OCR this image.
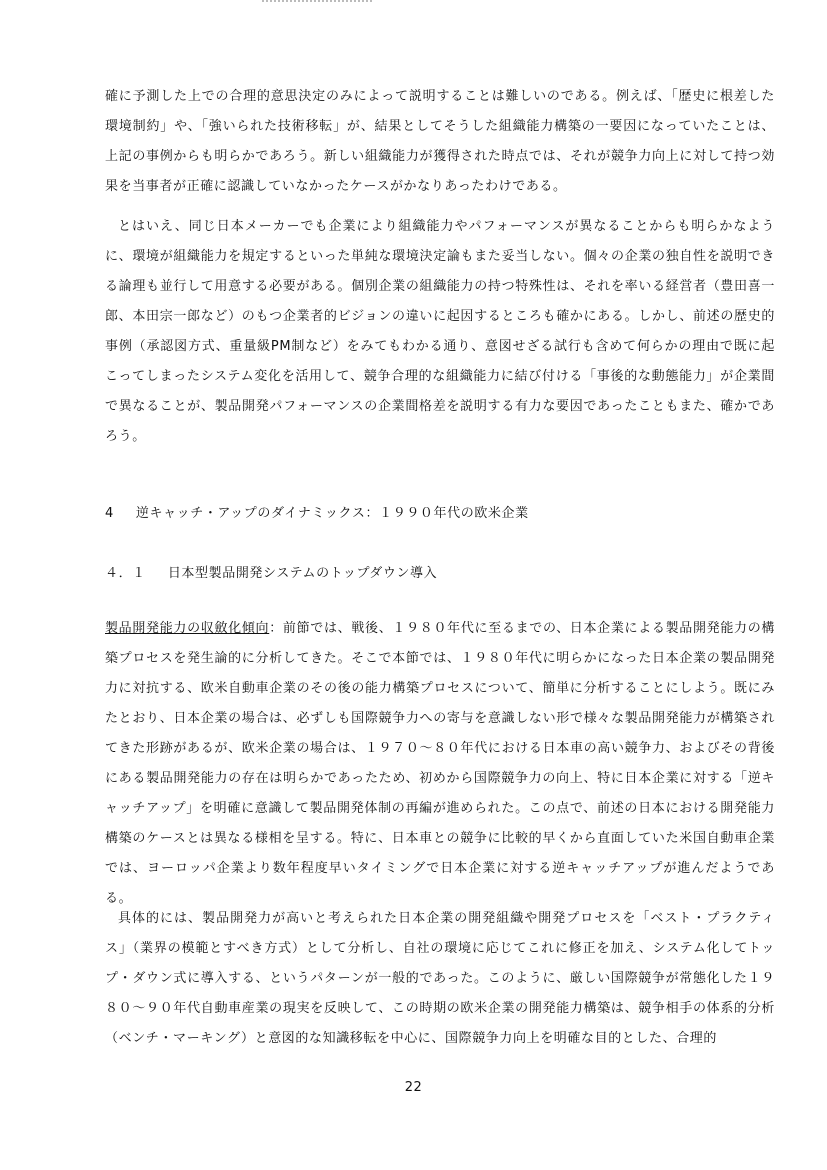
確に予測した上での合理的意思決定のみによって説明することは難しいのである。例えば、「歴史に根差した環境制約」や、「強いられた技術移転」が、結果としてそうした組織能力構築の一要因になっていたことは、上記の事例からも明らかであろう。新しい組織能力が獲得された時点では、それが競争力向上に対して持つ効果を当事者が正確に認識していなかったケースがかなりあったわけである。

とはいえ、同じ日本メーカーでも企業により組織能力やパフォーマンスが異なることからも明らかなように、環境が組織能力を規定するといった単純な環境決定論もまた妥当しない。個々の企業の独自性を説明できる論理も並行して用意する必要がある。個別企業の組織能力の持つ特殊性は、それを率いる経営者（豊田喜一郎、本田宗一郎など）のもつ企業者的ビジョンの違いに起因するところも確かにある。しかし、前述の歴史的事例（承認図方式、重量級PM制など）をみてもわかる通り、意図せざる試行も含めて何らかの理由で既に起こってしまったシステム変化を活用して、競争合理的な組織能力に結び付ける「事後的な動態能力」が企業間で異なることが、製品開発パフォーマンスの企業間格差を説明する有力な要因であったこともまた、確かであろう。

4 逆キャッチ・アップのダイナミックス：１９９０年代の欧米企業
４．１ 日本型製品開発システムのトップダウン導入

製品開発能力の収斂化傾向：前節では、戦後、１９８０年代に至るまでの、日本企業による製品開発能力の構築プロセスを発生論的に分析してきた。そこで本節では、１９８０年代に明らかになった日本企業の製品開発力に対抗する、欧米自動車企業のその後の能力構築プロセスについて、簡単に分析することにしよう。既にみたとおり、日本企業の場合は、必ずしも国際競争力への寄与を意識しない形で様々な製品開発能力が構築されてきた形跡があるが、欧米企業の場合は、１９７０～８０年代における日本車の高い競争力、およびその背後にある製品開発能力の存在は明らかであったため、初めから国際競争力の向上、特に日本企業に対する「逆キャッチアップ」を明確に意識して製品開発体制の再編が進められた。この点で、前述の日本における開発能力構築のケースとは異なる様相を呈する。特に、日本車との競争に比較的早くから直面していた米国自動車企業では、ヨーロッパ企業より数年程度早いタイミングで日本企業に対する逆キャッチアップが進んだようである。

具体的には、製品開発力が高いと考えられた日本企業の開発組織や開発プロセスを「ベスト・プラクティス」（業界の模範とすべき方式）として分析し、自社の環境に応じてこれに修正を加え、システム化してトップ・ダウン式に導入する、というパターンが一般的であった。このように、厳しい国際競争が常態化した１９８０～９０年代自動車産業の現実を反映して、この時期の欧米企業の開発能力構築は、競争相手の体系的分析（ベンチ・マーキング）と意図的な知識移転を中心に、国際競争力向上を明確な目的とした、合理的

22
